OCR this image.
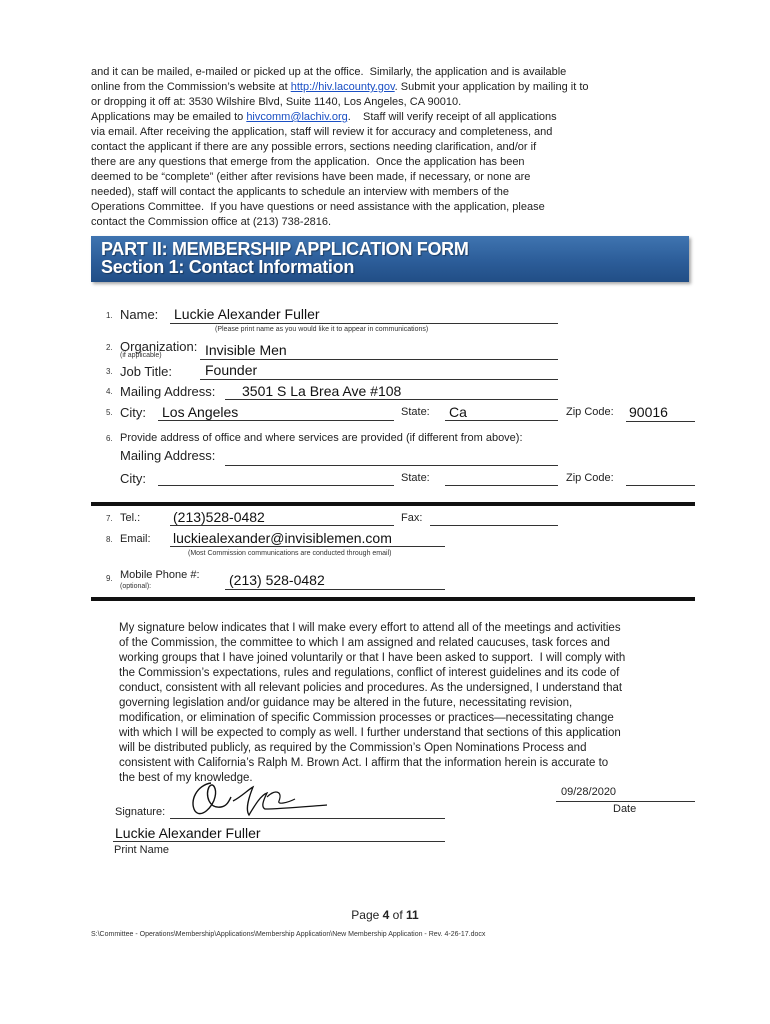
and it can be mailed, e-mailed or picked up at the office.  Similarly, the application and is available
online from the Commission’s website at http://hiv.lacounty.gov. Submit your application by mailing it to
or dropping it off at: 3530 Wilshire Blvd, Suite 1140, Los Angeles, CA 90010.
Applications may be emailed to hivcomm@lachiv.org.    Staff will verify receipt of all applications
via email. After receiving the application, staff will review it for accuracy and completeness, and
contact the applicant if there are any possible errors, sections needing clarification, and/or if
there are any questions that emerge from the application.  Once the application has been
deemed to be “complete” (either after revisions have been made, if necessary, or none are
needed), staff will contact the applicants to schedule an interview with members of the
Operations Committee.  If you have questions or need assistance with the application, please
contact the Commission office at (213) 738-2816.
PART II: MEMBERSHIP APPLICATION FORM
Section 1: Contact Information
1. Name: Luckie Alexander Fuller
(Please print name as you would like it to appear in communications)
2. Organization:
(if applicable)	Invisible Men
3. Job Title: Founder
4. Mailing Address: 3501 S La Brea Ave #108
5. City: Los Angeles	State: Ca	Zip Code: 90016
6. Provide address of office and where services are provided (if different from above):
Mailing Address:
City:	State:	Zip Code:
7. Tel.: (213)528-0482	Fax:
8. Email: luckiealexander@invisiblemen.com
(Most Commission communications are conducted through email)
9. Mobile Phone #:
(optional):	(213) 528-0482
My signature below indicates that I will make every effort to attend all of the meetings and activities
of the Commission, the committee to which I am assigned and related caucuses, task forces and
working groups that I have joined voluntarily or that I have been asked to support.  I will comply with
the Commission’s expectations, rules and regulations, conflict of interest guidelines and its code of
conduct, consistent with all relevant policies and procedures. As the undersigned, I understand that
governing legislation and/or guidance may be altered in the future, necessitating revision,
modification, or elimination of specific Commission processes or practices—necessitating change
with which I will be expected to comply as well. I further understand that sections of this application
will be distributed publicly, as required by the Commission’s Open Nominations Process and
consistent with California’s Ralph M. Brown Act. I affirm that the information herein is accurate to
the best of my knowledge.
09/28/2020
Date
Signature:
Luckie Alexander Fuller
Print Name
Page 4 of 11
S:\Committee - Operations\Membership\Applications\Membership Application\New Membership Application - Rev. 4-26-17.docx
